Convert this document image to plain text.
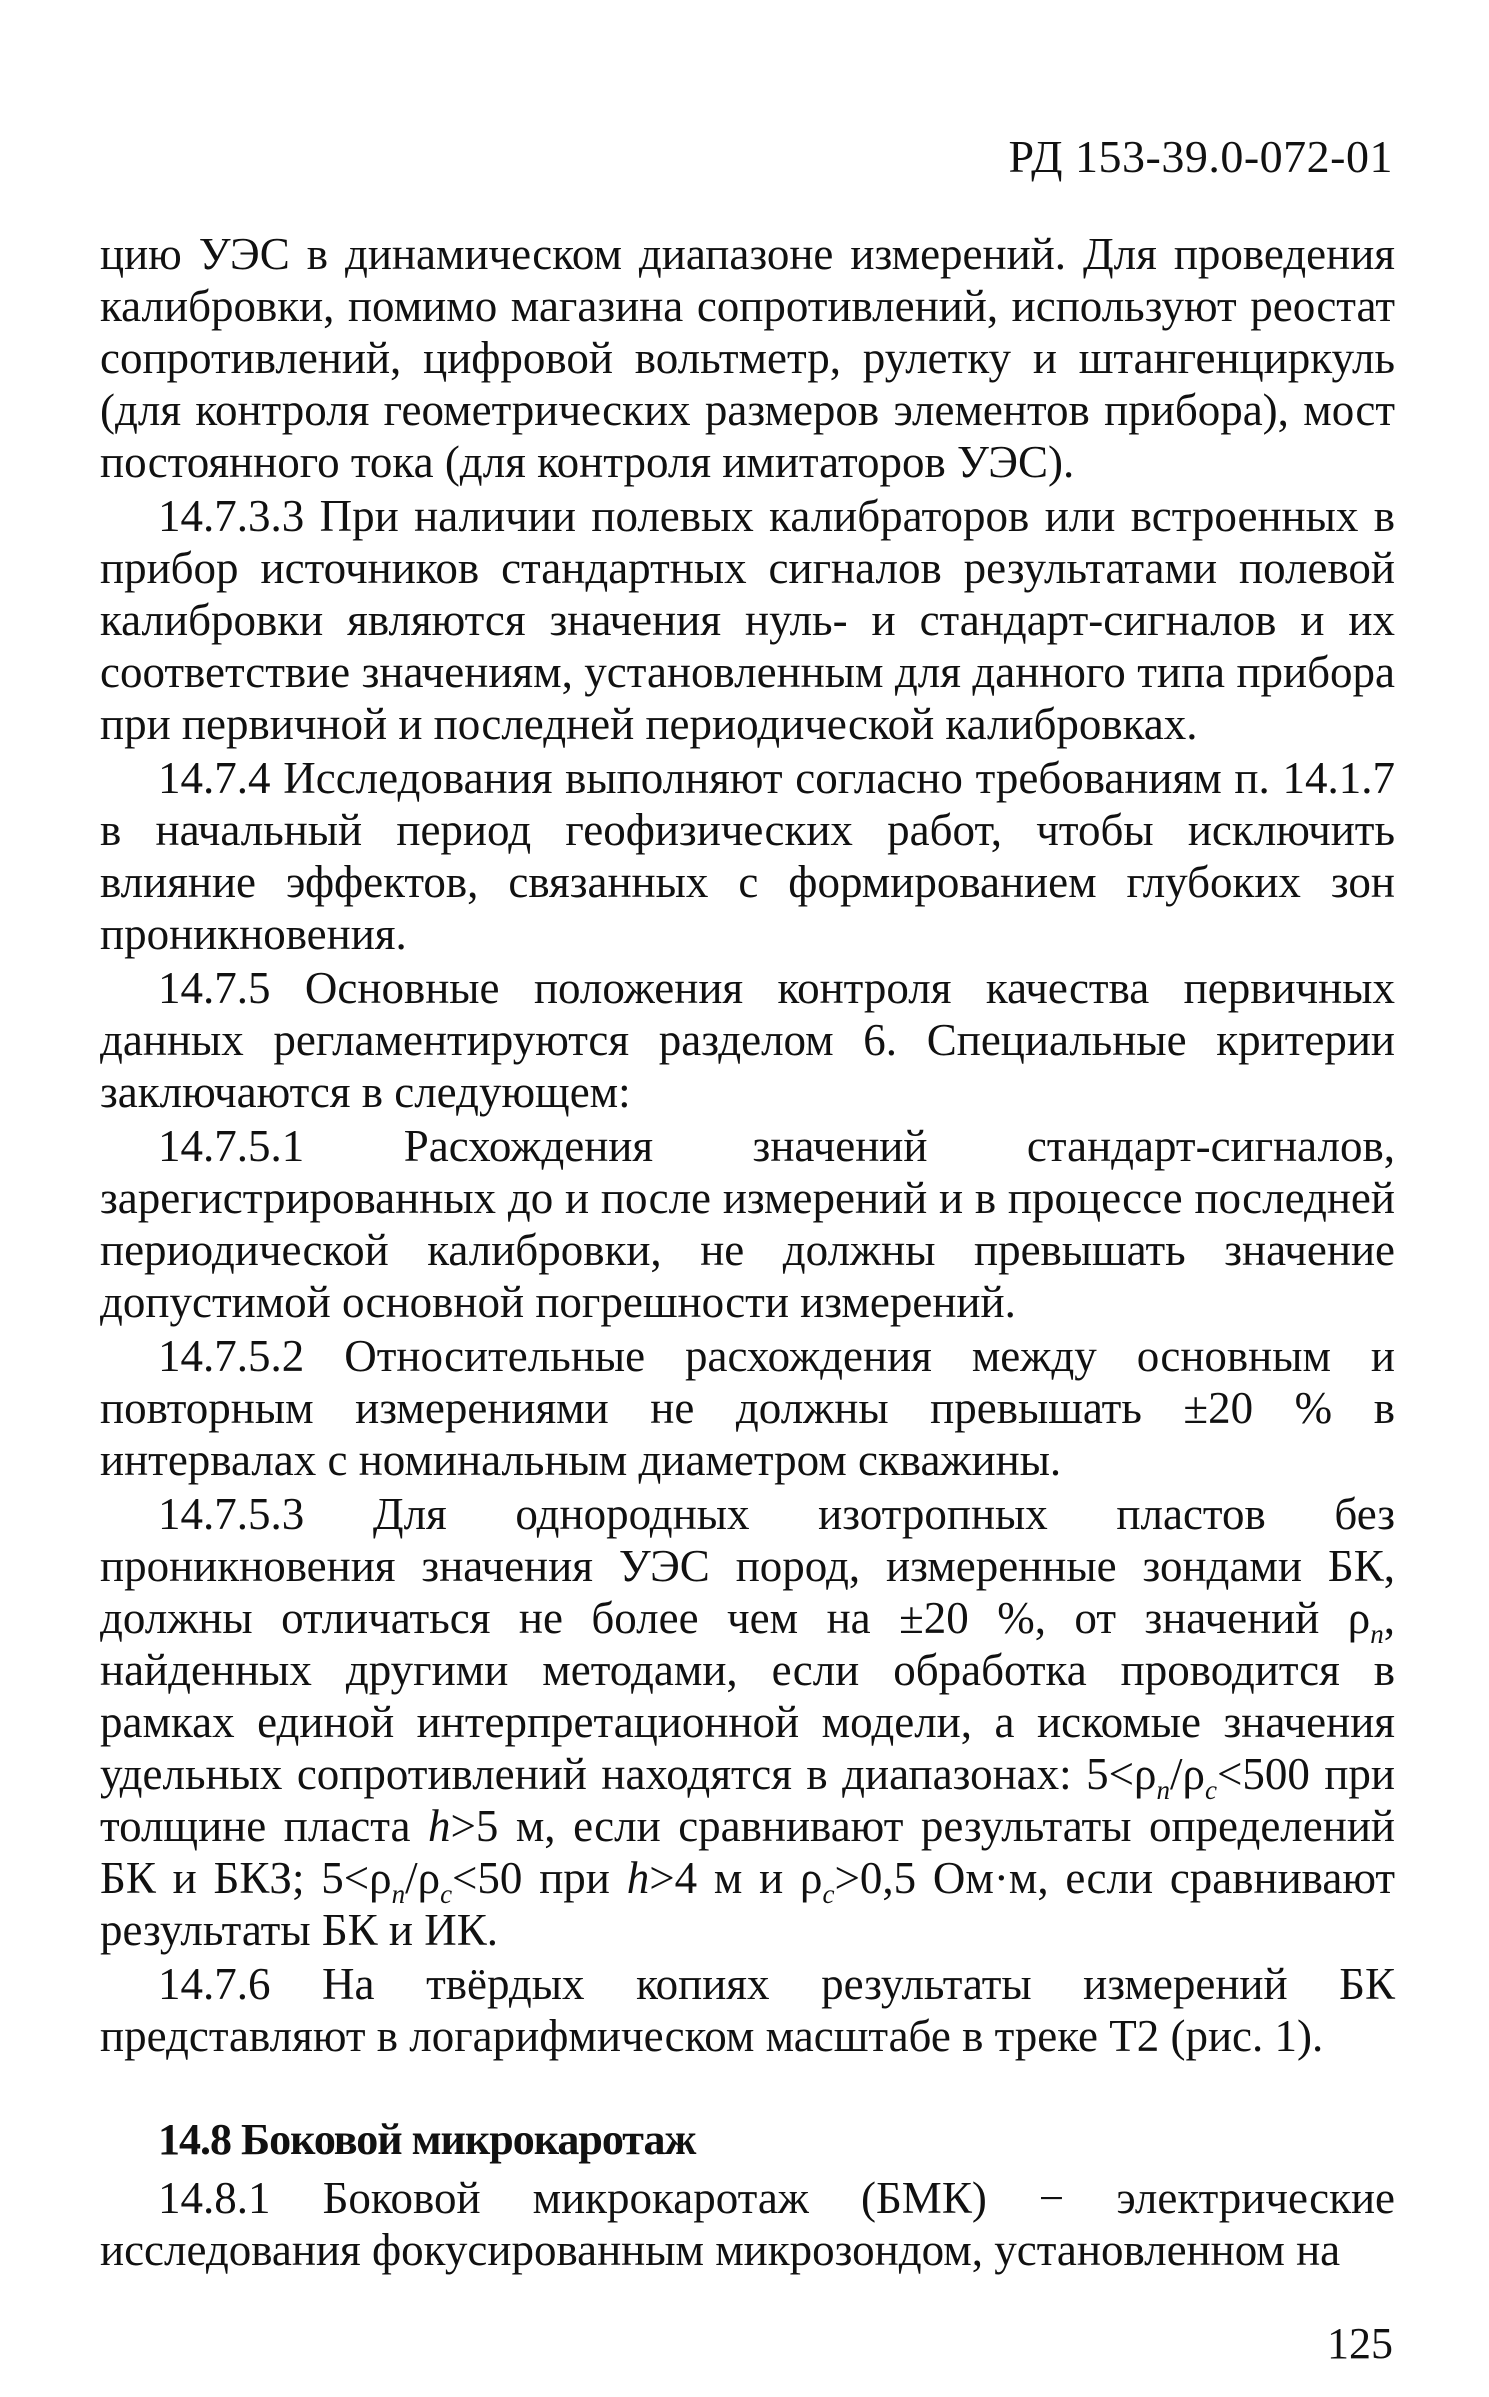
РД 153-39.0-072-01

цию УЭС в динамическом диапазоне измерений. Для проведения калибровки, помимо магазина сопротивлений, используют реостат сопротивлений, цифровой вольтметр, рулетку и штангенциркуль (для контроля геометрических размеров элементов прибора), мост постоянного тока (для контроля имитаторов УЭС).

14.7.3.3 При наличии полевых калибраторов или встроенных в прибор источников стандартных сигналов результатами полевой калибровки являются значения нуль- и стандарт-сигналов и их соответствие значениям, установленным для данного типа прибора при первичной и последней периодической калибровках.

14.7.4 Исследования выполняют согласно требованиям п. 14.1.7 в начальный период геофизических работ, чтобы исключить влияние эффектов, связанных с формированием глубоких зон проникновения.

14.7.5 Основные положения контроля качества первичных данных регламентируются разделом 6. Специальные критерии заключаются в следующем:

14.7.5.1 Расхождения значений стандарт-сигналов, зарегистрированных до и после измерений и в процессе последней периодической калибровки, не должны превышать значение допустимой основной погрешности измерений.

14.7.5.2 Относительные расхождения между основным и повторным измерениями не должны превышать ±20 % в интервалах с номинальным диаметром скважины.

14.7.5.3 Для однородных изотропных пластов без проникновения значения УЭС пород, измеренные зондами БК, должны отличаться не более чем на ±20 %, от значений $\rho_п$, найденных другими методами, если обработка проводится в рамках единой интерпретационной модели, а искомые значения удельных сопротивлений находятся в диапазонах: $5<\rho_п/\rho_с<500$ при толщине пласта h>5 м, если сравнивают результаты определений БК и БКЗ; $5<\rho_п/\rho_с<50$ при h>4 м и $\rho_с>0,5$ Ом·м, если сравнивают результаты БК и ИК.

14.7.6 На твёрдых копиях результаты измерений БК представляют в логарифмическом масштабе в треке Т2 (рис. 1).

14.8 Боковой микрокаротаж

14.8.1 Боковой микрокаротаж (БМК) − электрические исследования фокусированным микрозондом, установленном на

125
